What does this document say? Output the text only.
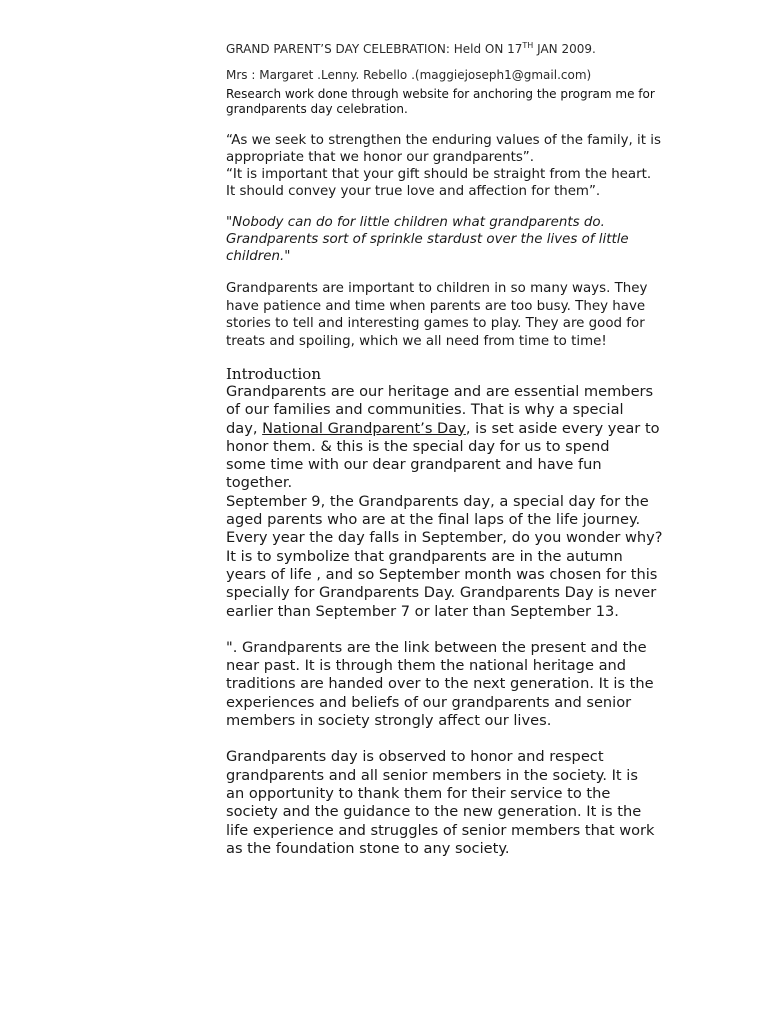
GRAND PARENT’S DAY CELEBRATION: Held ON 17TH JAN 2009.

Mrs : Margaret .Lenny. Rebello .(maggiejoseph1@gmail.com)

Research work done through website for anchoring the program me for
grandparents day celebration.

“As we seek to strengthen the enduring values of the family, it is
appropriate that we honor our grandparents”.
“It is important that your gift should be straight from the heart.
It should convey your true love and affection for them”.
"Nobody can do for little children what grandparents do.
Grandparents sort of sprinkle stardust over the lives of little
children."
Grandparents are important to children in so many ways. They
have patience and time when parents are too busy. They have
stories to tell and interesting games to play. They are good for
treats and spoiling, which we all need from time to time!
Introduction
Grandparents are our heritage and are essential members
of our families and communities. That is why a special
day, National Grandparent’s Day, is set aside every year to
honor them. & this is the special day for us to spend
some time with our dear grandparent and have fun
together.
September 9, the Grandparents day, a special day for the
aged parents who are at the final laps of the life journey.
Every year the day falls in September, do you wonder why?
It is to symbolize that grandparents are in the autumn
years of life , and so September month was chosen for this
specially for Grandparents Day. Grandparents Day is never
earlier than September 7 or later than September 13.
". Grandparents are the link between the present and the
near past. It is through them the national heritage and
traditions are handed over to the next generation. It is the
experiences and beliefs of our grandparents and senior
members in society strongly affect our lives.
Grandparents day is observed to honor and respect
grandparents and all senior members in the society. It is
an opportunity to thank them for their service to the
society and the guidance to the new generation. It is the
life experience and struggles of senior members that work
as the foundation stone to any society.
